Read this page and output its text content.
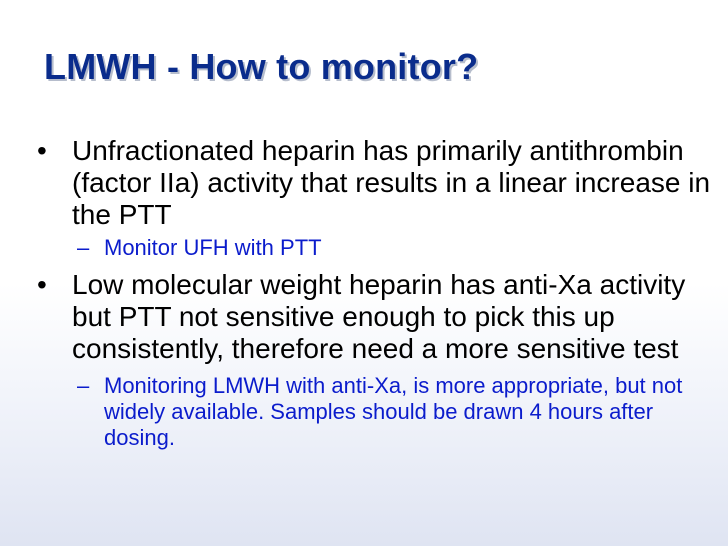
LMWH - How to monitor?
• Unfractionated heparin has primarily antithrombin (factor IIa) activity that results in a linear increase in the PTT
– Monitor UFH with PTT
• Low molecular weight heparin has anti-Xa activity but PTT not sensitive enough to pick this up consistently, therefore need a more sensitive test
– Monitoring LMWH with anti-Xa, is more appropriate, but not widely available. Samples should be drawn 4 hours after dosing.
